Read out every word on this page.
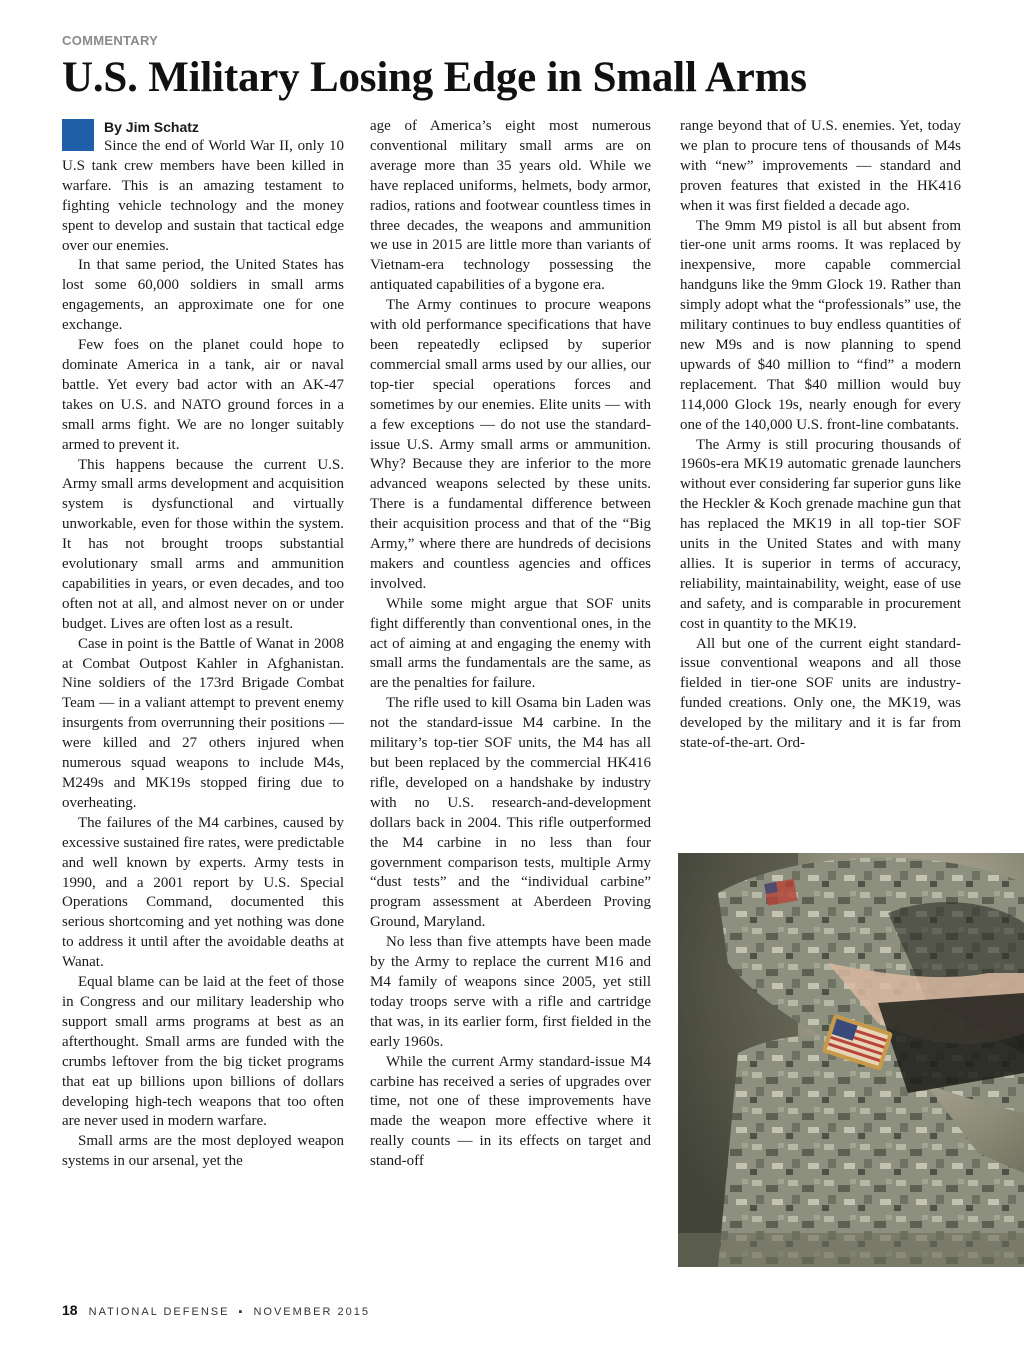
COMMENTARY
U.S. Military Losing Edge in Small Arms
By Jim Schatz

Since the end of World War II, only 10 U.S tank crew members have been killed in warfare. This is an amazing testament to fighting vehicle technology and the money spent to develop and sustain that tactical edge over our enemies.

In that same period, the United States has lost some 60,000 soldiers in small arms engagements, an approximate one for one exchange.

Few foes on the planet could hope to dominate America in a tank, air or naval battle. Yet every bad actor with an AK-47 takes on U.S. and NATO ground forces in a small arms fight. We are no longer suitably armed to prevent it.

This happens because the current U.S. Army small arms development and acquisition system is dysfunctional and virtually unworkable, even for those within the system. It has not brought troops substantial evolutionary small arms and ammunition capabilities in years, or even decades, and too often not at all, and almost never on or under budget. Lives are often lost as a result.

Case in point is the Battle of Wanat in 2008 at Combat Outpost Kahler in Afghanistan. Nine soldiers of the 173rd Brigade Combat Team — in a valiant attempt to prevent enemy insurgents from overrunning their positions — were killed and 27 others injured when numerous squad weapons to include M4s, M249s and MK19s stopped firing due to overheating.

The failures of the M4 carbines, caused by excessive sustained fire rates, were predictable and well known by experts. Army tests in 1990, and a 2001 report by U.S. Special Operations Command, documented this serious shortcoming and yet nothing was done to address it until after the avoidable deaths at Wanat.

Equal blame can be laid at the feet of those in Congress and our military leadership who support small arms programs at best as an afterthought. Small arms are funded with the crumbs leftover from the big ticket programs that eat up billions upon billions of dollars developing high-tech weapons that too often are never used in modern warfare.

Small arms are the most deployed weapon systems in our arsenal, yet the

age of America’s eight most numerous conventional military small arms are on average more than 35 years old. While we have replaced uniforms, helmets, body armor, radios, rations and footwear countless times in three decades, the weapons and ammunition we use in 2015 are little more than variants of Vietnam-era technology possessing the antiquated capabilities of a bygone era.

The Army continues to procure weapons with old performance specifications that have been repeatedly eclipsed by superior commercial small arms used by our allies, our top-tier special operations forces and sometimes by our enemies. Elite units — with a few exceptions — do not use the standard-issue U.S. Army small arms or ammunition. Why? Because they are inferior to the more advanced weapons selected by these units. There is a fundamental difference between their acquisition process and that of the “Big Army,” where there are hundreds of decisions makers and countless agencies and offices involved.

While some might argue that SOF units fight differently than conventional ones, in the act of aiming at and engaging the enemy with small arms the fundamentals are the same, as are the penalties for failure.

The rifle used to kill Osama bin Laden was not the standard-issue M4 carbine. In the military’s top-tier SOF units, the M4 has all but been replaced by the commercial HK416 rifle, developed on a handshake by industry with no U.S. research-and-development dollars back in 2004. This rifle outperformed the M4 carbine in no less than four government comparison tests, multiple Army “dust tests” and the “individual carbine” program assessment at Aberdeen Proving Ground, Maryland.

No less than five attempts have been made by the Army to replace the current M16 and M4 family of weapons since 2005, yet still today troops serve with a rifle and cartridge that was, in its earlier form, first fielded in the early 1960s.

While the current Army standard-issue M4 carbine has received a series of upgrades over time, not one of these improvements have made the weapon more effective where it really counts — in its effects on target and stand-off

range beyond that of U.S. enemies. Yet, today we plan to procure tens of thousands of M4s with “new” improvements — standard and proven features that existed in the HK416 when it was first fielded a decade ago.

The 9mm M9 pistol is all but absent from tier-one unit arms rooms. It was replaced by inexpensive, more capable commercial handguns like the 9mm Glock 19. Rather than simply adopt what the “professionals” use, the military continues to buy endless quantities of new M9s and is now planning to spend upwards of $40 million to “find” a modern replacement. That $40 million would buy 114,000 Glock 19s, nearly enough for every one of the 140,000 U.S. front-line combatants.

The Army is still procuring thousands of 1960s-era MK19 automatic grenade launchers without ever considering far superior guns like the Heckler & Koch grenade machine gun that has replaced the MK19 in all top-tier SOF units in the United States and with many allies. It is superior in terms of accuracy, reliability, maintainability, weight, ease of use and safety, and is comparable in procurement cost in quantity to the MK19.

All but one of the current eight standard-issue conventional weapons and all those fielded in tier-one SOF units are industry-funded creations. Only one, the MK19, was developed by the military and it is far from state-of-the-art. Ord-

18 NATIONAL DEFENSE ▪ NOVEMBER 2015
